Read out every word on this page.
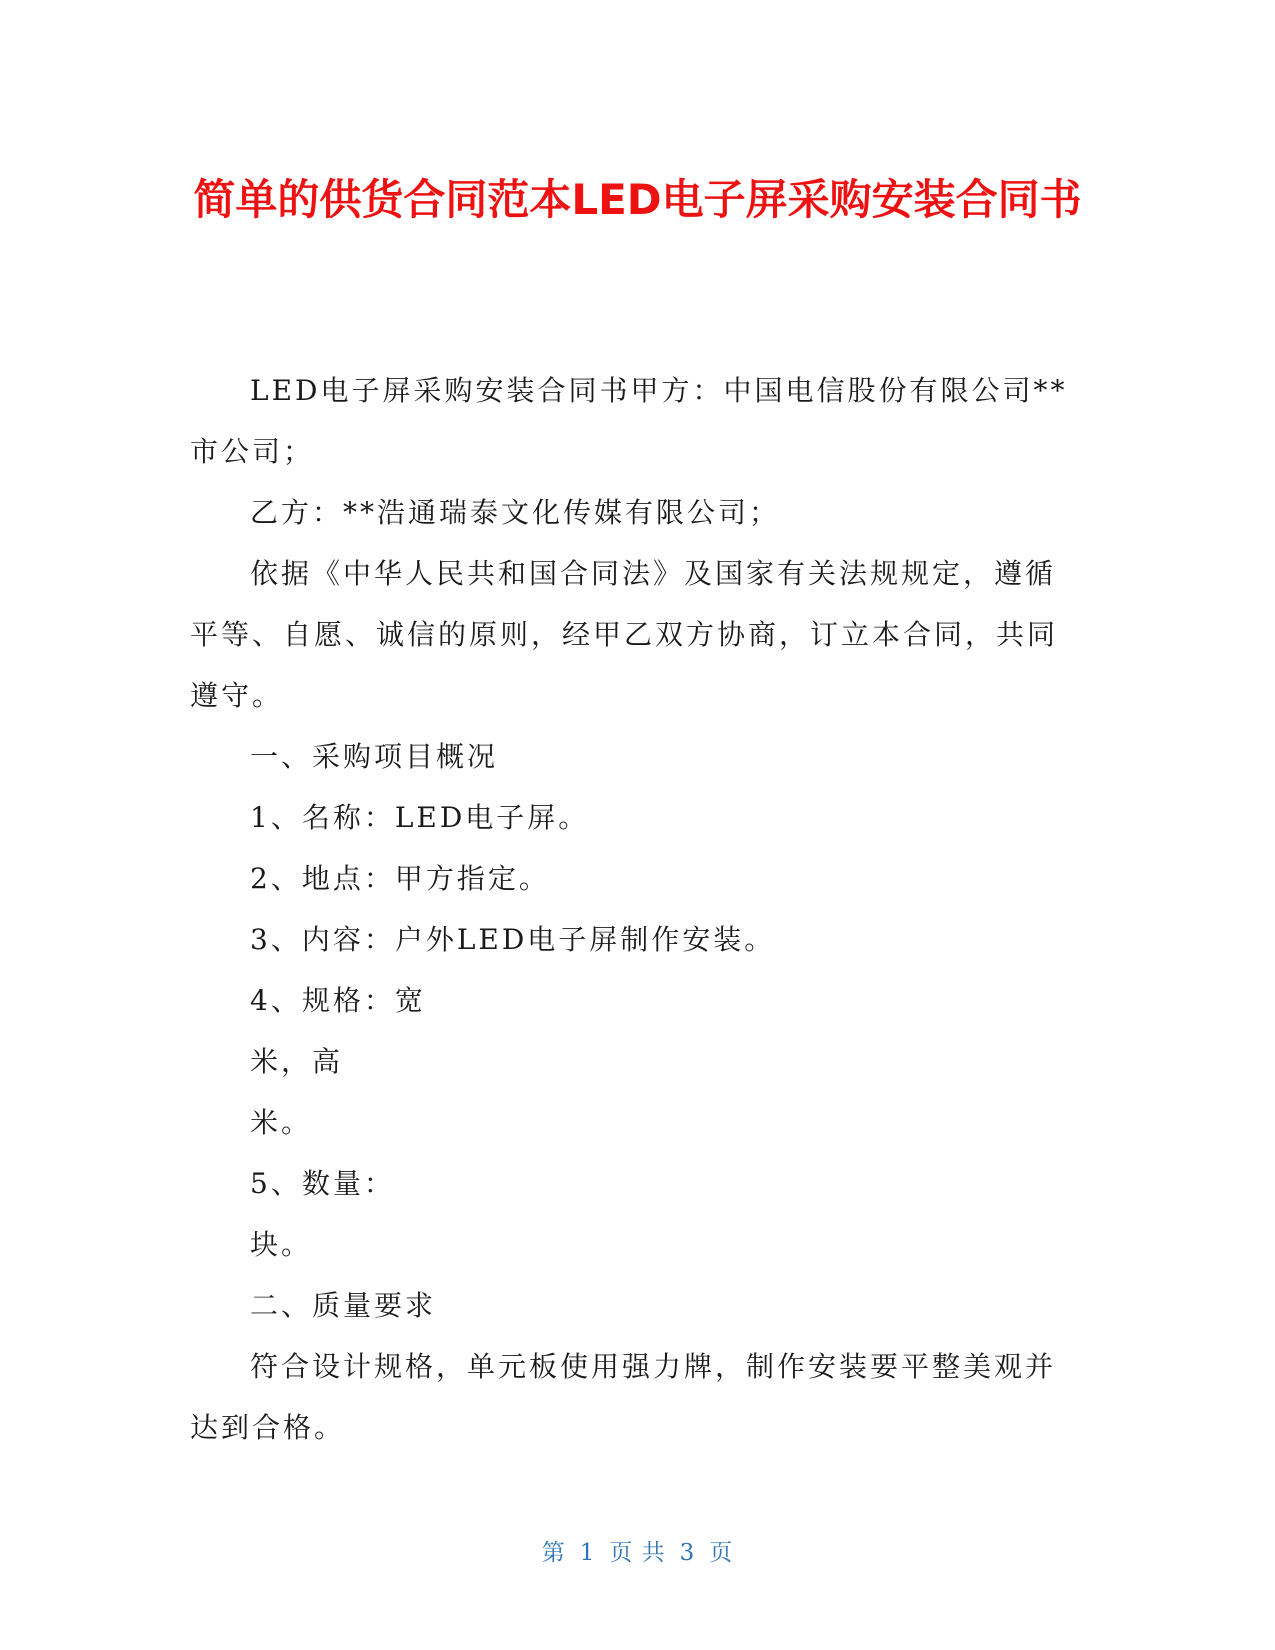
简单的供货合同范本LED电子屏采购安装合同书

LED电子屏采购安装合同书甲方：中国电信股份有限公司**市公司；

乙方：**浩通瑞泰文化传媒有限公司；

依据《中华人民共和国合同法》及国家有关法规规定，遵循平等、自愿、诚信的原则，经甲乙双方协商，订立本合同，共同遵守。

一、采购项目概况

1、名称：LED电子屏。

2、地点：甲方指定。

3、内容：户外LED电子屏制作安装。

4、规格：宽

米，高

米。

5、数量：

块。

二、质量要求

符合设计规格，单元板使用强力牌，制作安装要平整美观并达到合格。

第 1 页 共 3 页
